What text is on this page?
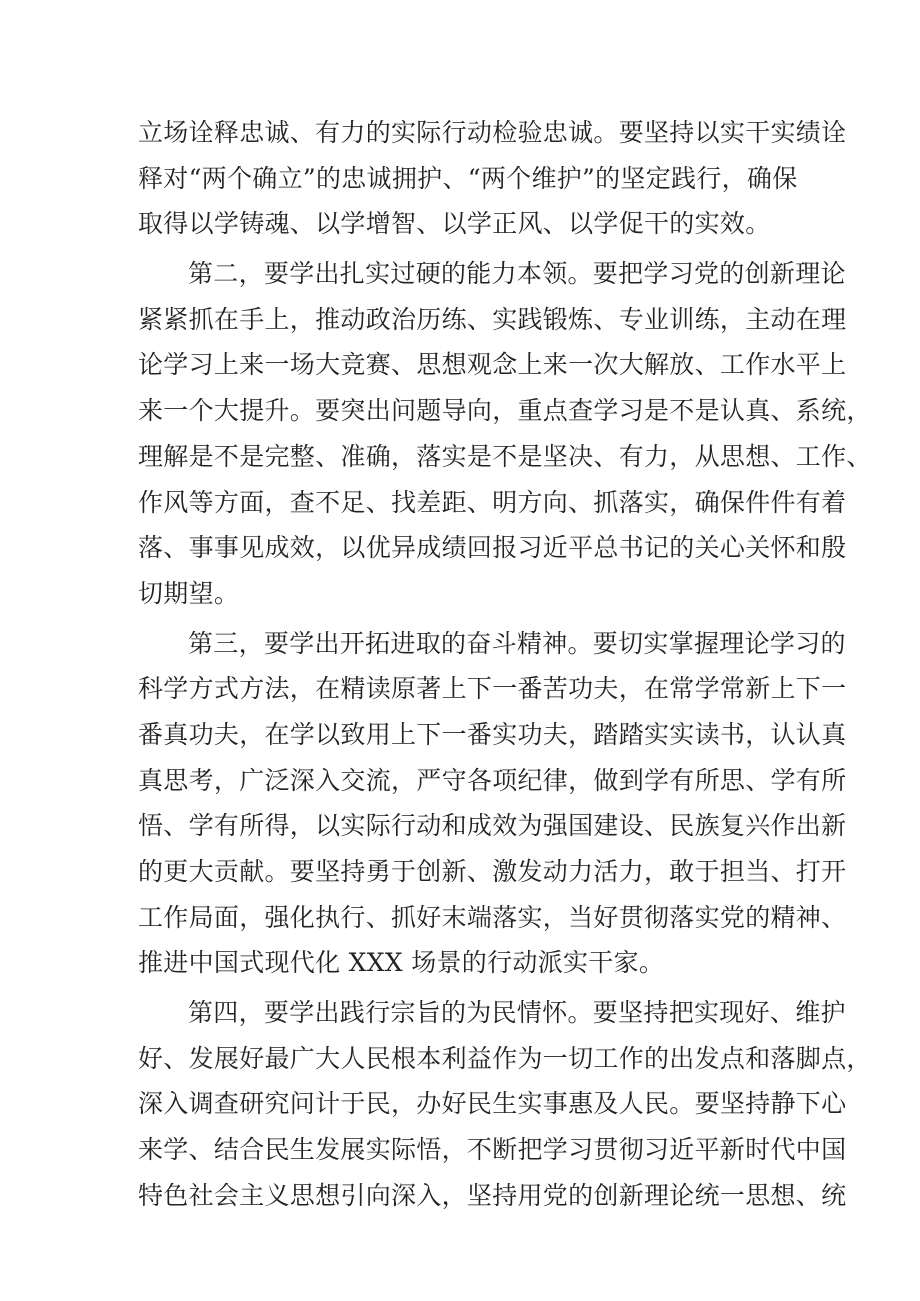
立场诠释忠诚、有力的实际行动检验忠诚。要坚持以实干实绩诠
释对“两个确立”的忠诚拥护、“两个维护”的坚定践行，确保
取得以学铸魂、以学增智、以学正风、以学促干的实效。
第二，要学出扎实过硬的能力本领。要把学习党的创新理论
紧紧抓在手上，推动政治历练、实践锻炼、专业训练，主动在理
论学习上来一场大竞赛、思想观念上来一次大解放、工作水平上
来一个大提升。要突出问题导向，重点查学习是不是认真、系统，
理解是不是完整、准确，落实是不是坚决、有力，从思想、工作、
作风等方面，查不足、找差距、明方向、抓落实，确保件件有着
落、事事见成效，以优异成绩回报习近平总书记的关心关怀和殷
切期望。
第三，要学出开拓进取的奋斗精神。要切实掌握理论学习的
科学方式方法，在精读原著上下一番苦功夫，在常学常新上下一
番真功夫，在学以致用上下一番实功夫，踏踏实实读书，认认真
真思考，广泛深入交流，严守各项纪律，做到学有所思、学有所
悟、学有所得，以实际行动和成效为强国建设、民族复兴作出新
的更大贡献。要坚持勇于创新、激发动力活力，敢于担当、打开
工作局面，强化执行、抓好末端落实，当好贯彻落实党的精神、
推进中国式现代化 XXX 场景的行动派实干家。
第四，要学出践行宗旨的为民情怀。要坚持把实现好、维护
好、发展好最广大人民根本利益作为一切工作的出发点和落脚点，
深入调查研究问计于民，办好民生实事惠及人民。要坚持静下心
来学、结合民生发展实际悟，不断把学习贯彻习近平新时代中国
特色社会主义思想引向深入，坚持用党的创新理论统一思想、统
